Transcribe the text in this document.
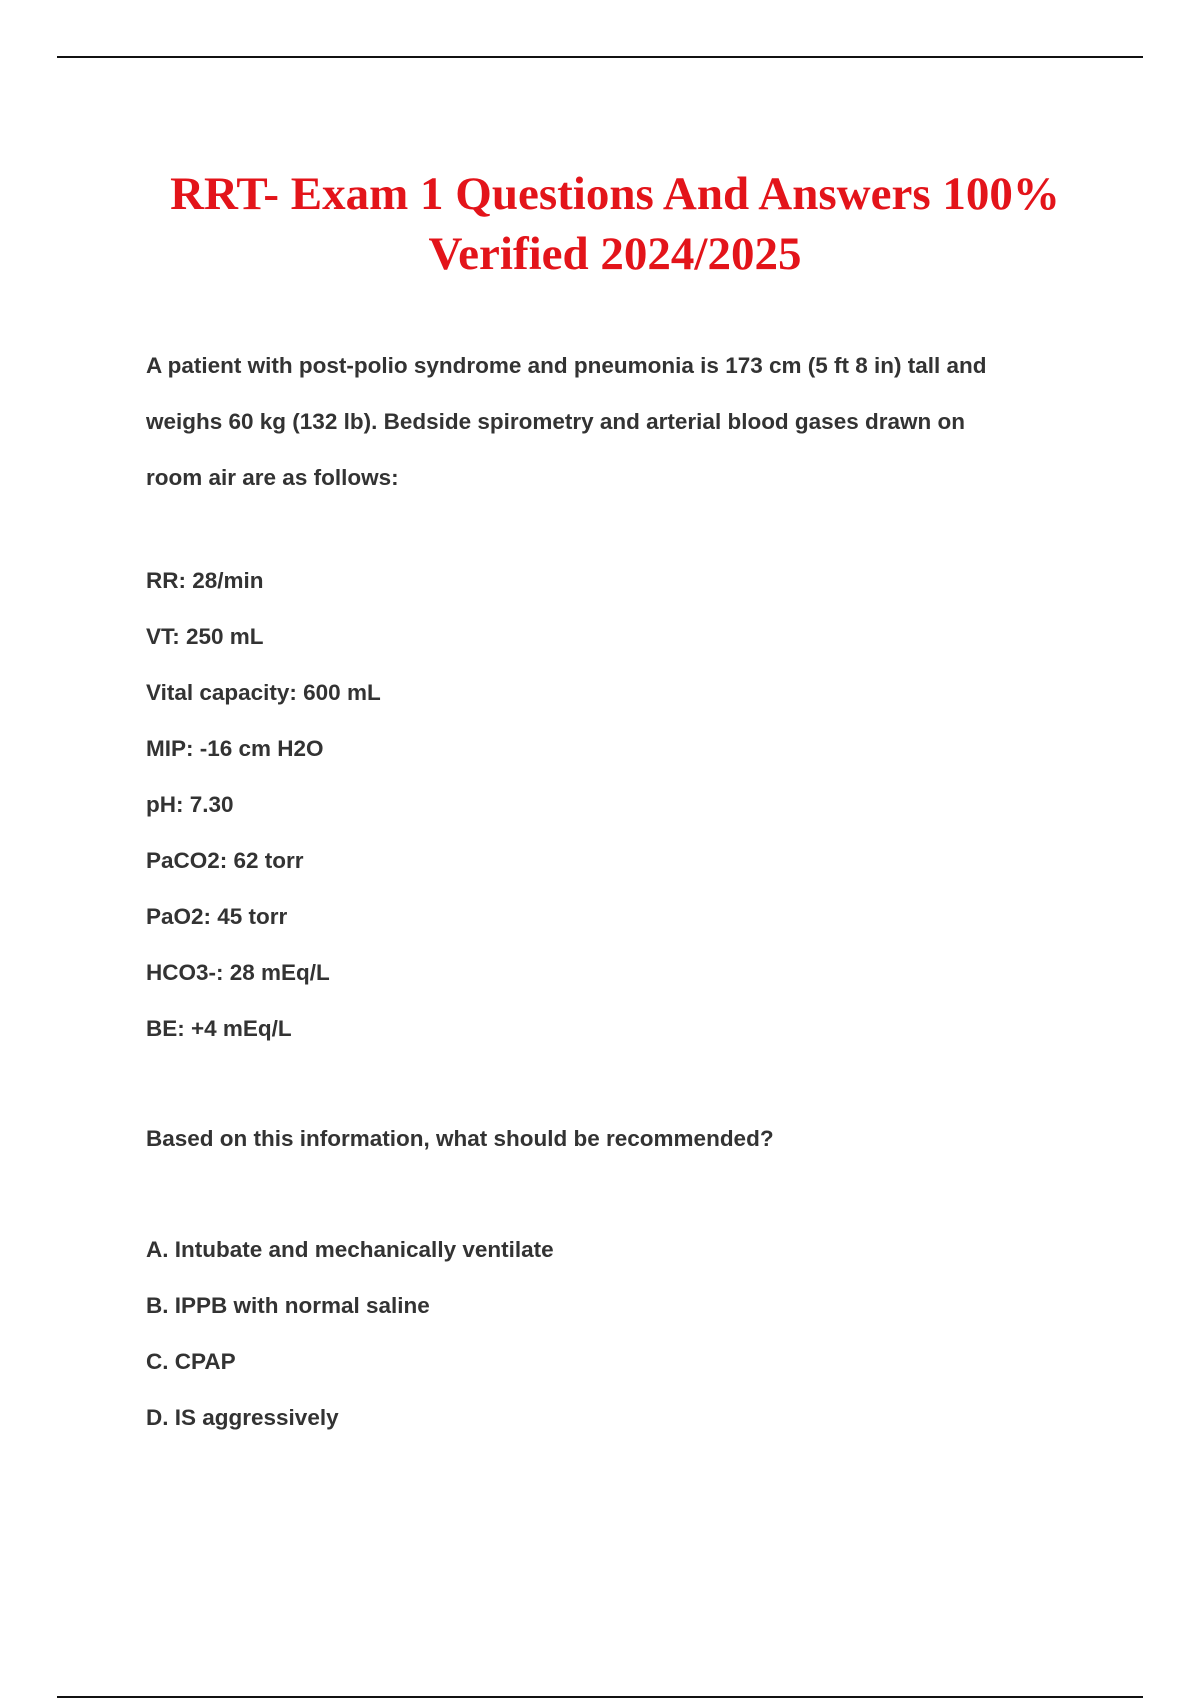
RRT- Exam 1 Questions And Answers 100%
Verified 2024/2025
A patient with post-polio syndrome and pneumonia is 173 cm (5 ft 8 in) tall and
weighs 60 kg (132 lb). Bedside spirometry and arterial blood gases drawn on
room air are as follows:
RR: 28/min
VT: 250 mL
Vital capacity: 600 mL
MIP: -16 cm H2O
pH: 7.30
PaCO2: 62 torr
PaO2: 45 torr
HCO3-: 28 mEq/L
BE: +4 mEq/L
Based on this information, what should be recommended?
A. Intubate and mechanically ventilate
B. IPPB with normal saline
C. CPAP
D. IS aggressively
